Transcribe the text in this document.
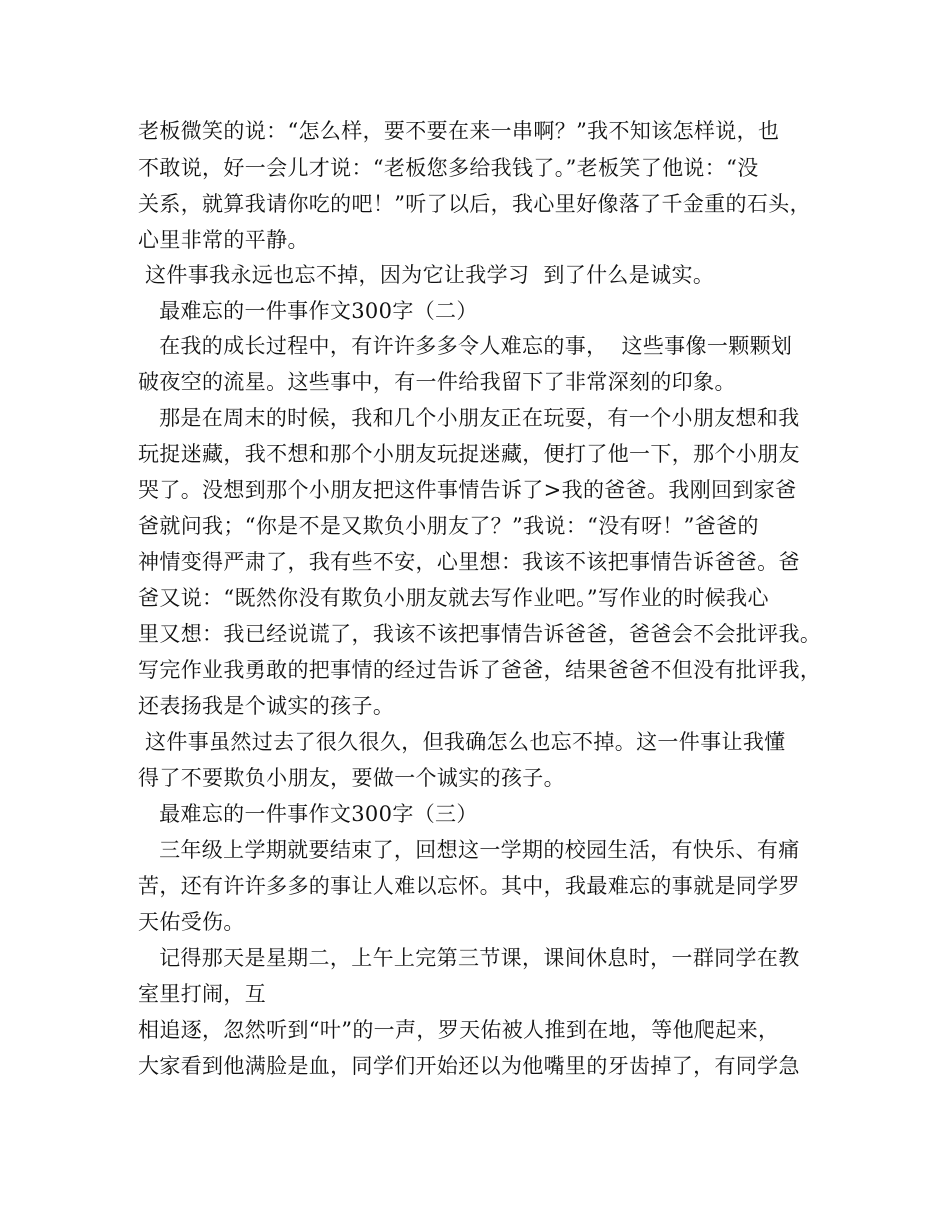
老板微笑的说：“怎么样，要不要在来一串啊？”我不知该怎样说，也
不敢说，好一会儿才说：“老板您多给我钱了。”老板笑了他说：“没
关系，就算我请你吃的吧！”听了以后，我心里好像落了千金重的石头，
心里非常的平静。
这件事我永远也忘不掉，因为它让我学习  到了什么是诚实。
最难忘的一件事作文300字（二）
在我的成长过程中，有许许多多令人难忘的事，  这些事像一颗颗划
破夜空的流星。这些事中，有一件给我留下了非常深刻的印象。
那是在周末的时候，我和几个小朋友正在玩耍，有一个小朋友想和我
玩捉迷藏，我不想和那个小朋友玩捉迷藏，便打了他一下，那个小朋友
哭了。没想到那个小朋友把这件事情告诉了>我的爸爸。我刚回到家爸
爸就问我；“你是不是又欺负小朋友了？”我说：“没有呀！”爸爸的
神情变得严肃了，我有些不安，心里想：我该不该把事情告诉爸爸。爸
爸又说：“既然你没有欺负小朋友就去写作业吧。”写作业的时候我心
里又想：我已经说谎了，我该不该把事情告诉爸爸，爸爸会不会批评我。
写完作业我勇敢的把事情的经过告诉了爸爸，结果爸爸不但没有批评我，
还表扬我是个诚实的孩子。
这件事虽然过去了很久很久，但我确怎么也忘不掉。这一件事让我懂
得了不要欺负小朋友，要做一个诚实的孩子。
最难忘的一件事作文300字（三）
三年级上学期就要结束了，回想这一学期的校园生活，有快乐、有痛
苦，还有许许多多的事让人难以忘怀。其中，我最难忘的事就是同学罗
天佑受伤。
记得那天是星期二，上午上完第三节课，课间休息时，一群同学在教
室里打闹，互
相追逐，忽然听到“叶”的一声，罗天佑被人推到在地，等他爬起来，
大家看到他满脸是血，同学们开始还以为他嘴里的牙齿掉了，有同学急
